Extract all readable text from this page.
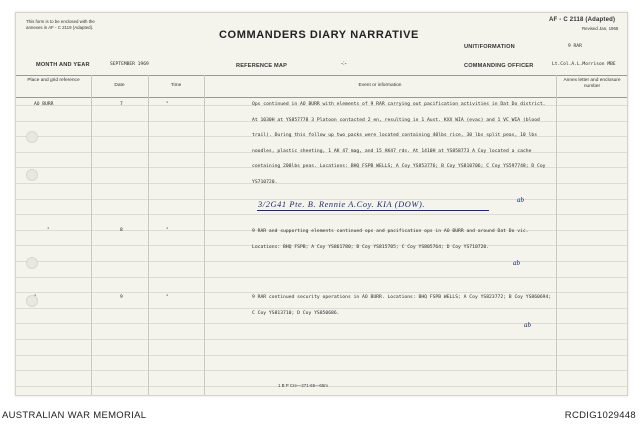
This form is to be enclosed with the
annexes in AF - C 2119 (Adapted).
COMMANDERS DIARY NARRATIVE
AF - C 2118 (Adapted)
Revised Jan, 1965
UNIT/FORMATION	9 RAR
MONTH AND YEAR	SEPTEMBER 1969	REFERENCE MAP	-:-	COMMANDING OFFICER	Lt.Col.A.L.Morrison MBE
Place and grid reference
Date	Time	Event or information
Annex letter and enclosure number
AO BURR	7	"	Ops continued in AO BURR with elements of 9 RAR carrying out pacification activities in Dat Do district. At 1030H at YS857778 3 Platoon contacted 2 en, resulting in 1 Aust. KXX WIA (evac) and 1 VC WIA (blood trail). During this follow up two packs were located containing 40lbs rice, 30 lbs split peas, 10 lbs noodles, plastic sheeting, 1 AK 47 mag, and 15 AK47 rds. At 1410H at YS858773 A Coy located a cache containing 200lbs peas. Locations: BHQ FSPB WELLS; A Coy YS853776; B Coy YS810706; C Coy YS597748; D Coy YS710720.
3/2G41 Pte. B. Rennie A.Coy. KIA (DOW).	ab
"	8	"	9 RAR and supporting elements continued ops and pacification ops in AO BURR and around Dat Do vic. Locations: BHQ FSPB; A Coy YS861780; B Coy YS815705; C Coy YS805764; D Coy YS710720.
ab
"	9	"	9 RAR continued security operations in AO BURR. Locations: BHQ FSPB WELLS; A Coy YS823772; B Coy YS860694; C Coy YS813710; D Coy YS850686.
ab
1 B P Cre—271-65—65m
AUSTRALIAN WAR MEMORIAL	RCDIG1029448
